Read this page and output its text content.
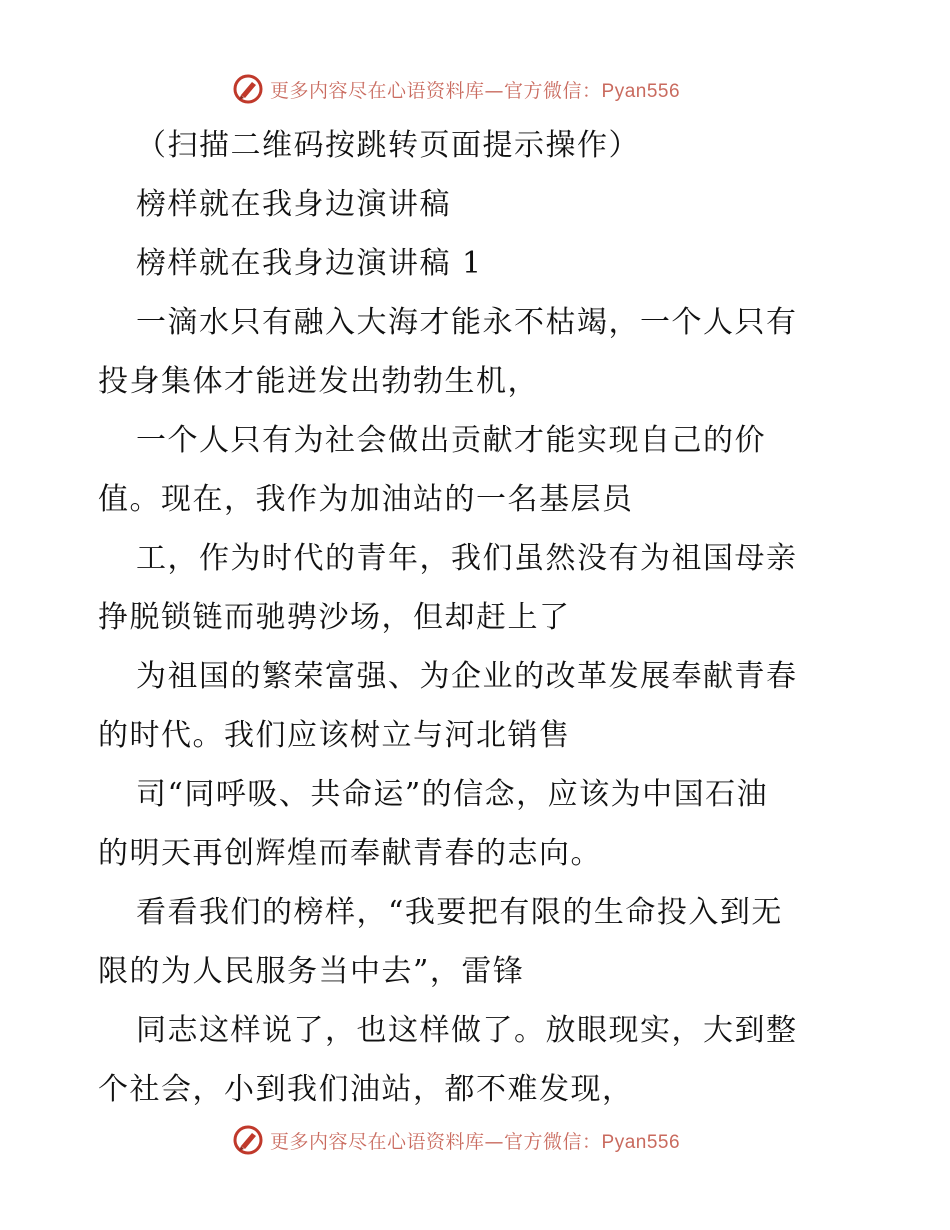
更多内容尽在心语资料库—官方微信：Pyan556
（扫描二维码按跳转页面提示操作）
榜样就在我身边演讲稿
榜样就在我身边演讲稿 1
一滴水只有融入大海才能永不枯竭，一个人只有
投身集体才能迸发出勃勃生机，
一个人只有为社会做出贡献才能实现自己的价
值。现在，我作为加油站的一名基层员
工，作为时代的青年，我们虽然没有为祖国母亲
挣脱锁链而驰骋沙场，但却赶上了
为祖国的繁荣富强、为企业的改革发展奉献青春
的时代。我们应该树立与河北销售
司“同呼吸、共命运”的信念，应该为中国石油
的明天再创辉煌而奉献青春的志向。
看看我们的榜样，“我要把有限的生命投入到无
限的为人民服务当中去”，雷锋
同志这样说了，也这样做了。放眼现实，大到整
个社会，小到我们油站，都不难发现，
更多内容尽在心语资料库—官方微信：Pyan556
